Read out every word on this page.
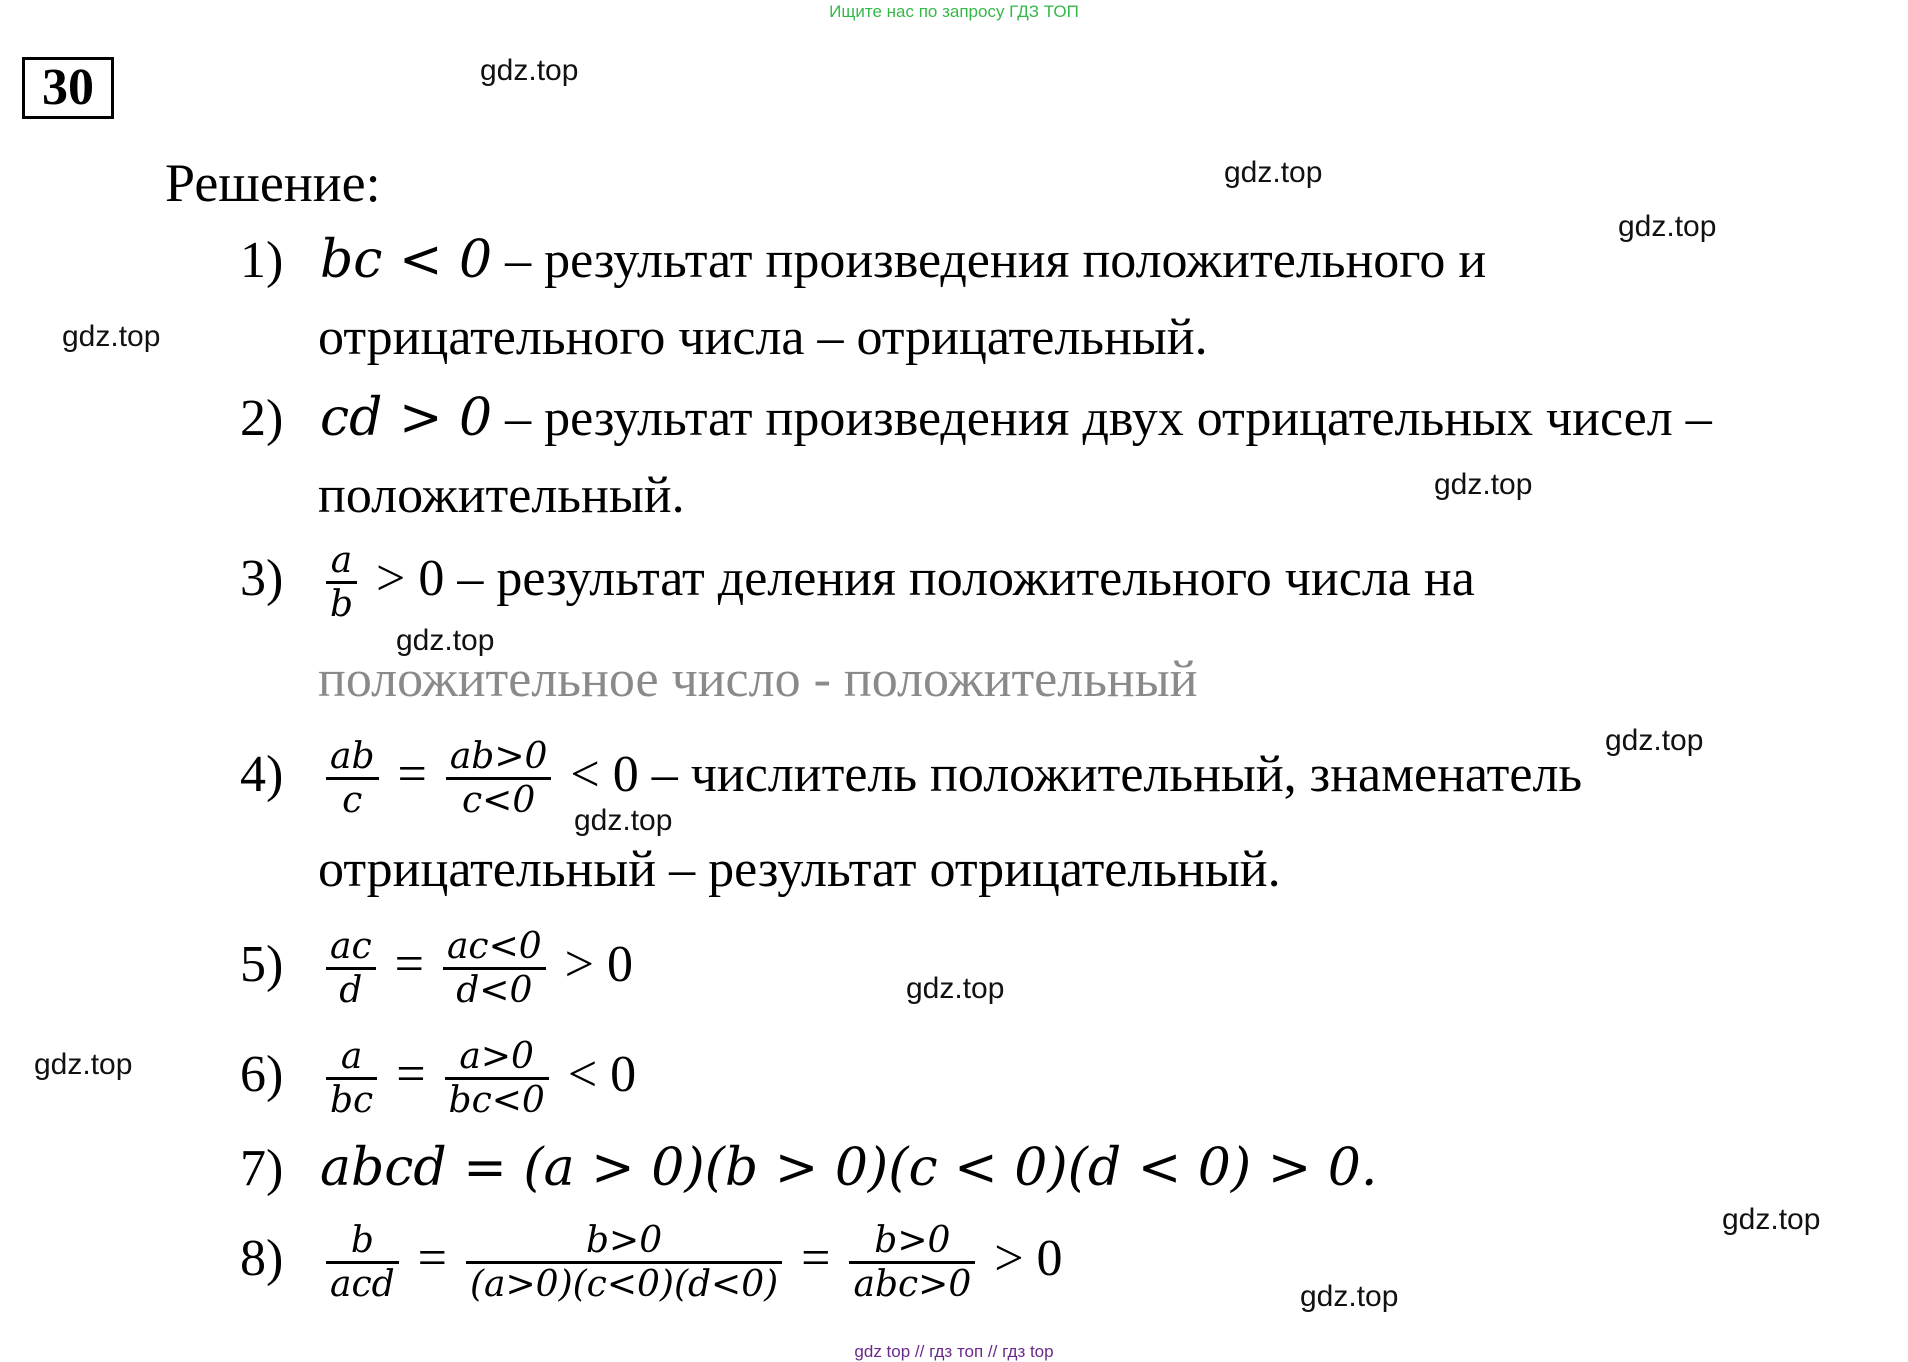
Ищите нас по запросу ГДЗ ТОП
30
Решение:
gdz.top
gdz.top
gdz.top
gdz.top
gdz.top
gdz.top
gdz.top
gdz.top
gdz.top
gdz.top
gdz.top
gdz.top
1) bc < 0 – результат произведения положительного и
отрицательного числа – отрицательный.
2) cd > 0 – результат произведения двух отрицательных чисел –
положительный.
$3) \frac{a}{b} > 0$ – результат деления положительного числа на
положительное число - положительный
$4) \frac{ab}{c} = \frac{ab>0}{c<0} < 0$ – числитель положительный, знаменатель
отрицательный – результат отрицательный.
$5) \frac{ac}{d} = \frac{ac<0}{d<0} > 0$
$6) \frac{a}{bc} = \frac{a>0}{bc<0} < 0$
7) abcd = (a > 0)(b > 0)(c < 0)(d < 0) > 0.
$8) \frac{b}{\text{acd}} = \frac{b>0}{(a>0)(c<0)(d<0)} = \frac{b>0}{\text{abc>0}} > 0$
gdz top // гдз топ // гдз top
